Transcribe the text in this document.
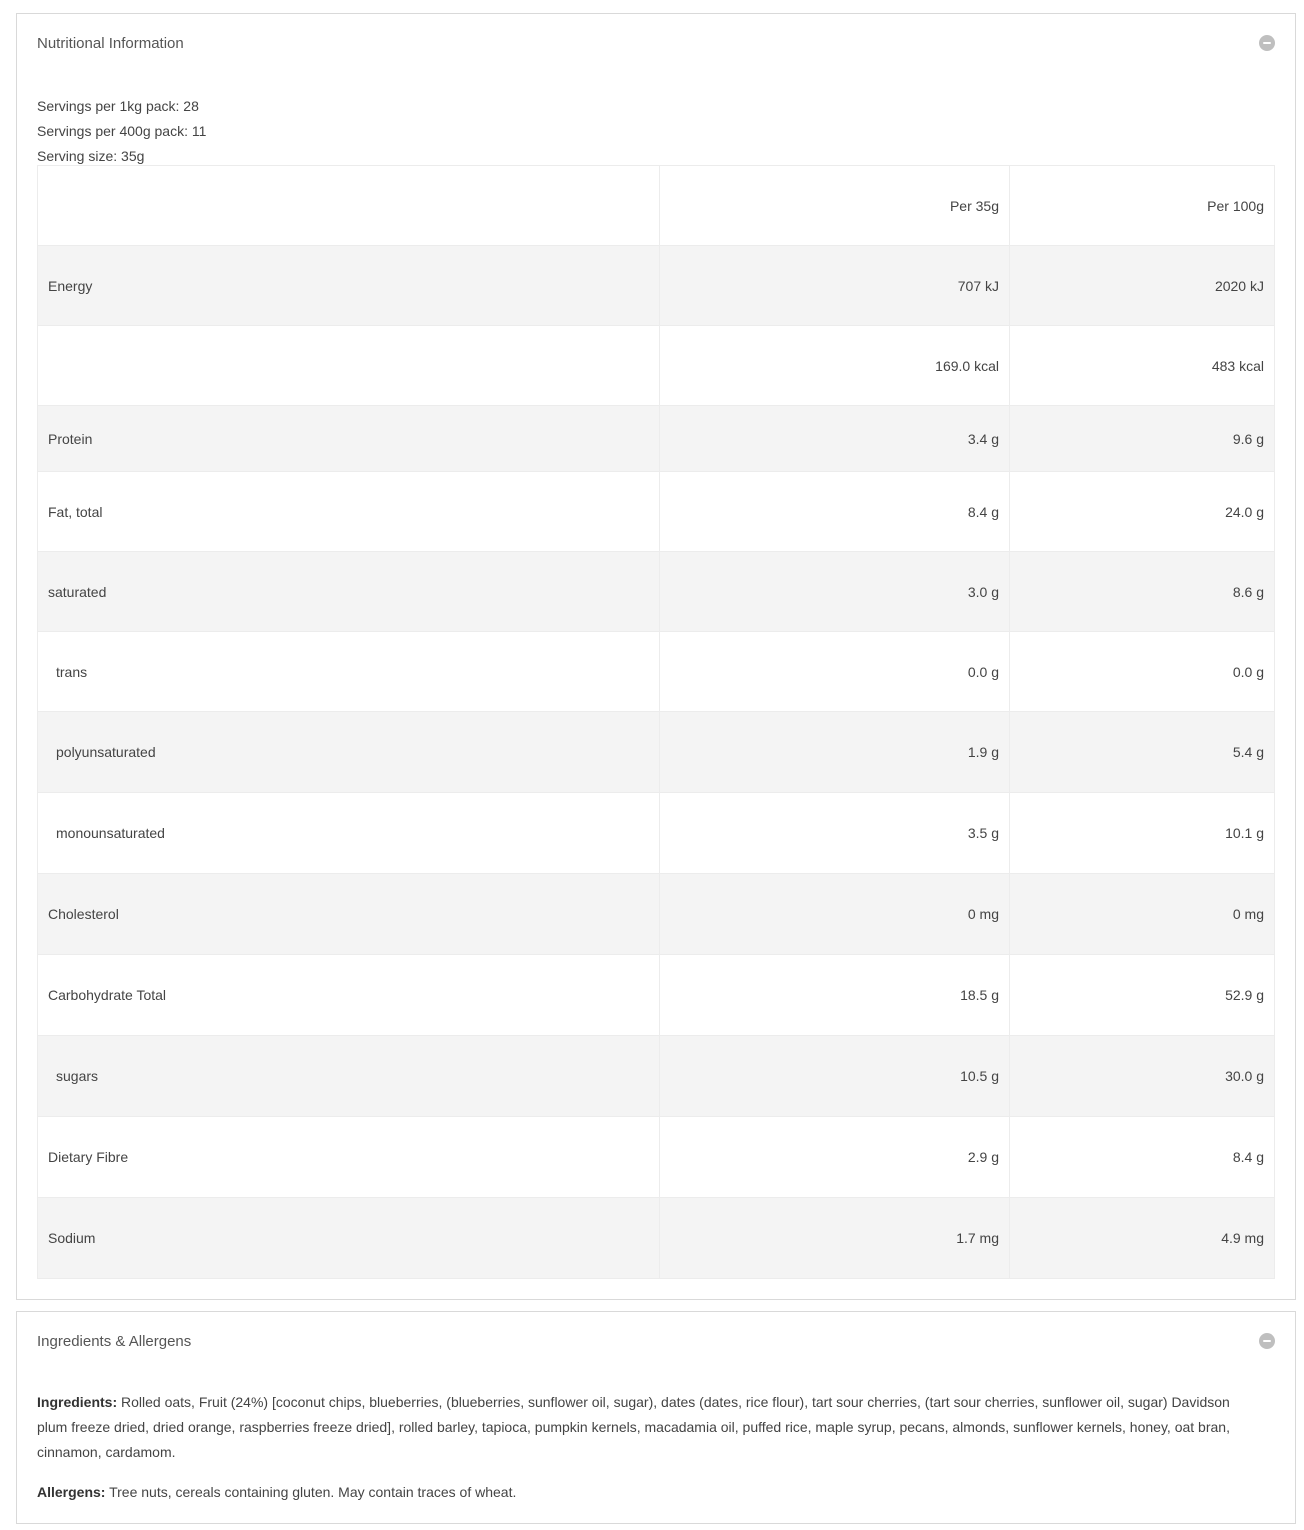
Nutritional Information
Servings per 1kg pack: 28
Servings per 400g pack: 11
Serving size: 35g
	Per 35g	Per 100g
Energy	707 kJ	2020 kJ
	169.0 kcal	483 kcal
Protein	3.4 g	9.6 g
Fat, total	8.4 g	24.0 g
saturated	3.0 g	8.6 g
trans	0.0 g	0.0 g
polyunsaturated	1.9 g	5.4 g
monounsaturated	3.5 g	10.1 g
Cholesterol	0 mg	0 mg
Carbohydrate Total	18.5 g	52.9 g
sugars	10.5 g	30.0 g
Dietary Fibre	2.9 g	8.4 g
Sodium	1.7 mg	4.9 mg
Ingredients & Allergens

Ingredients: Rolled oats, Fruit (24%) [coconut chips, blueberries, (blueberries, sunflower oil, sugar), dates (dates, rice flour), tart sour cherries, (tart sour cherries, sunflower oil, sugar) Davidson plum freeze dried, dried orange, raspberries freeze dried], rolled barley, tapioca, pumpkin kernels, macadamia oil, puffed rice, maple syrup, pecans, almonds, sunflower kernels, honey, oat bran, cinnamon, cardamom.

Allergens: Tree nuts, cereals containing gluten. May contain traces of wheat.
